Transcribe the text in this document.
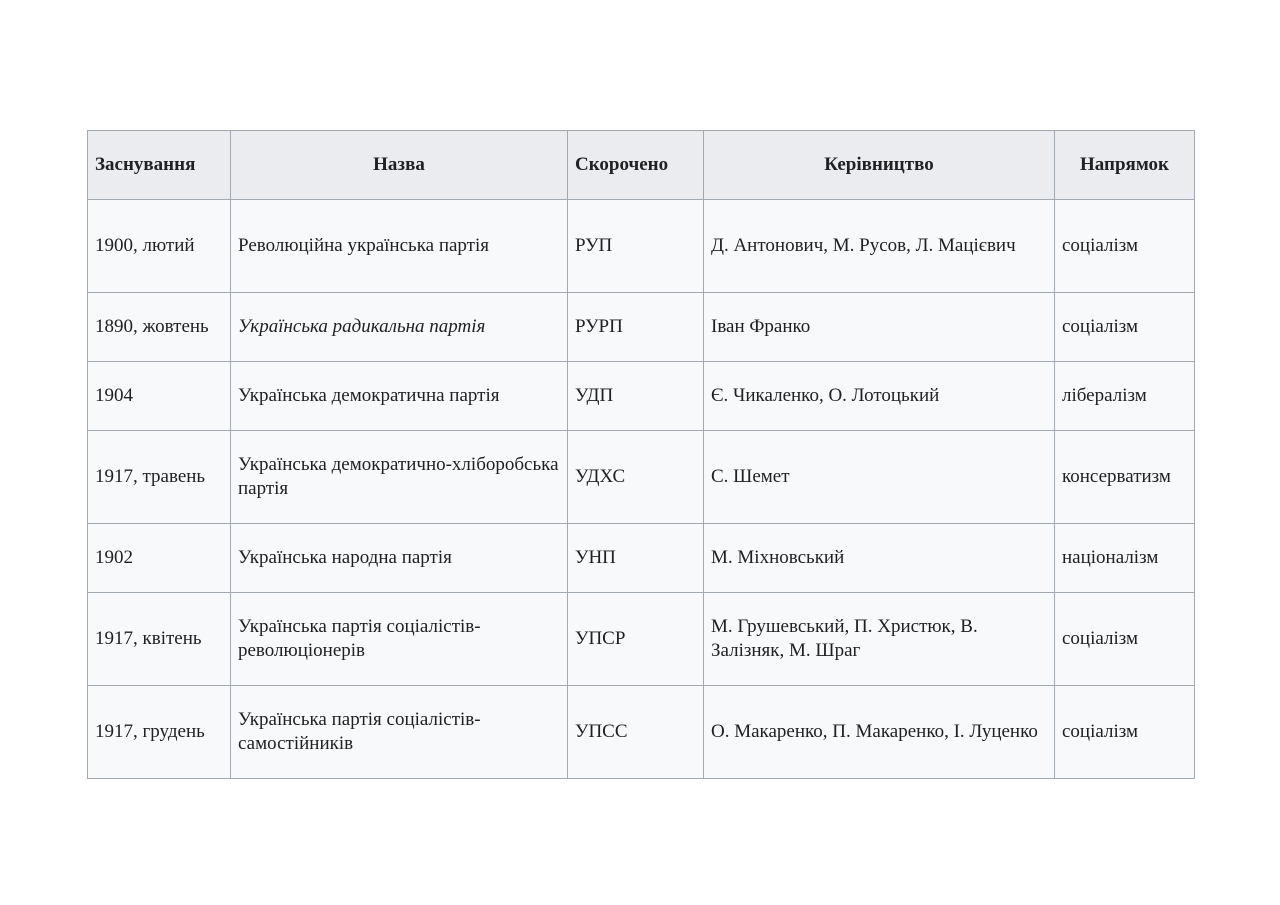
Заснування	Назва	Скорочено	Керівництво	Напрямок
1900, лютий	Революційна українська партія	РУП	Д. Антонович, М. Русов, Л. Мацієвич	соціалізм
1890, жовтень	Українська радикальна партія	РУРП	Іван Франко	соціалізм
1904	Українська демократична партія	УДП	Є. Чикаленко, О. Лотоцький	лібералізм
1917, травень	Українська демократично-хліборобська партія	УДХС	С. Шемет	консерватизм
1902	Українська народна партія	УНП	М. Міхновський	націоналізм
1917, квітень	Українська партія соціалістів-революціонерів	УПСР	М. Грушевський, П. Христюк, В. Залізняк, М. Шраг	соціалізм
1917, грудень	Українська партія соціалістів-самостійників	УПСС	О. Макаренко, П. Макаренко, І. Луценко	соціалізм
